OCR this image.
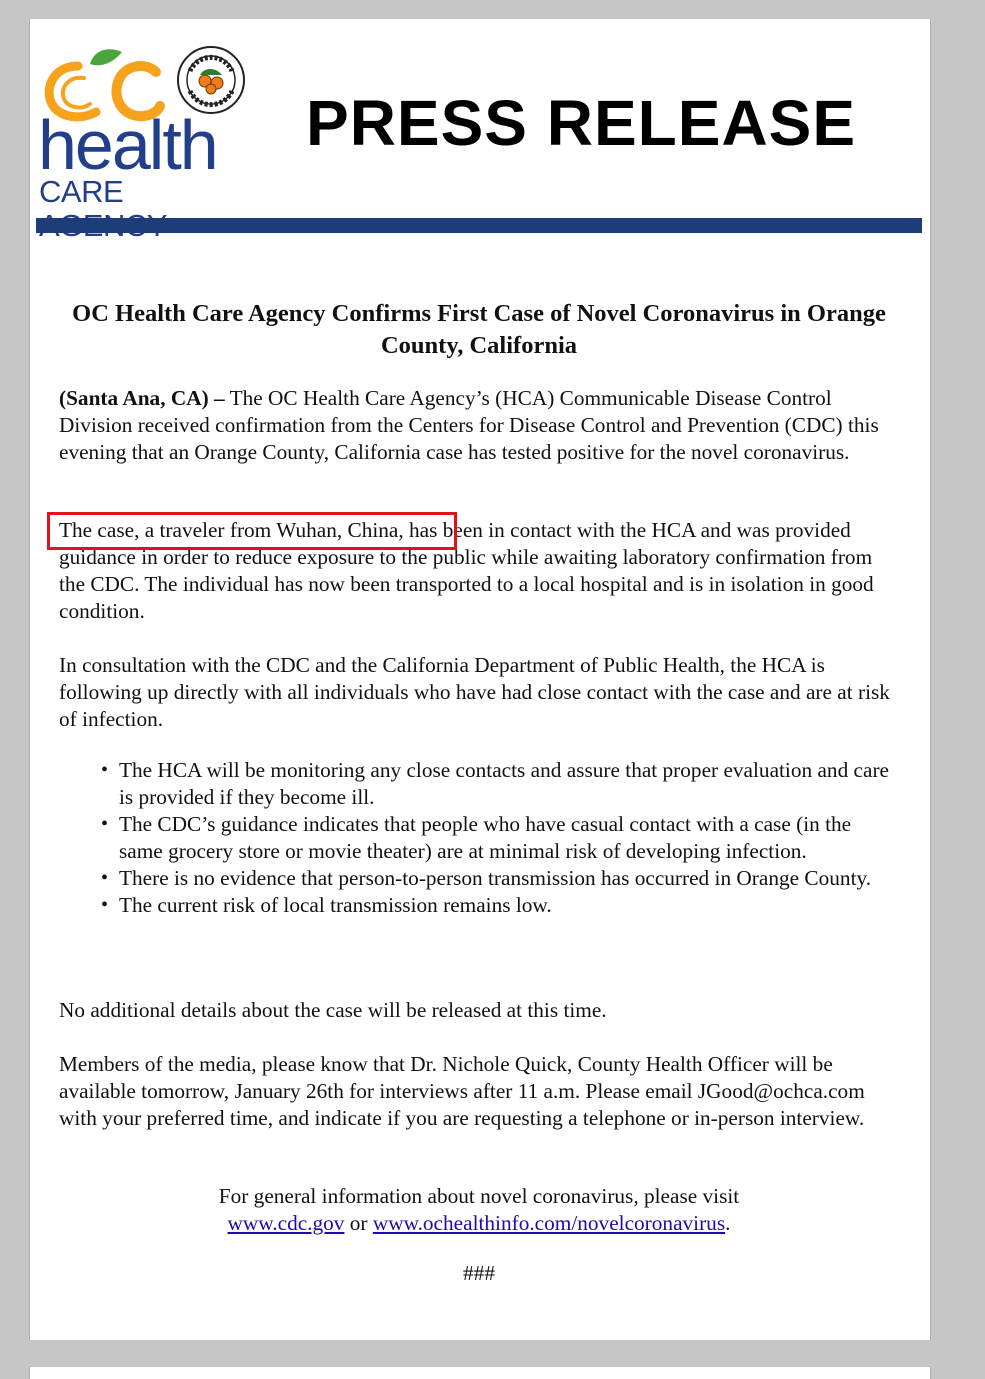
health
CARE
PRESS RELEASE
OC Health Care Agency Confirms First Case of Novel Coronavirus in Orange County, California

(Santa Ana, CA) – The OC Health Care Agency’s (HCA) Communicable Disease Control Division received confirmation from the Centers for Disease Control and Prevention (CDC) this evening that an Orange County, California case has tested positive for the novel coronavirus.

The case, a traveler from Wuhan, China, has been in contact with the HCA and was provided guidance in order to reduce exposure to the public while awaiting laboratory confirmation from the CDC. The individual has now been transported to a local hospital and is in isolation in good condition.

In consultation with the CDC and the California Department of Public Health, the HCA is following up directly with all individuals who have had close contact with the case and are at risk of infection.

• The HCA will be monitoring any close contacts and assure that proper evaluation and care is provided if they become ill.
• The CDC’s guidance indicates that people who have casual contact with a case (in the same grocery store or movie theater) are at minimal risk of developing infection.
• There is no evidence that person-to-person transmission has occurred in Orange County.
• The current risk of local transmission remains low.

No additional details about the case will be released at this time.

Members of the media, please know that Dr. Nichole Quick, County Health Officer will be available tomorrow, January 26th for interviews after 11 a.m. Please email JGood@ochca.com with your preferred time, and indicate if you are requesting a telephone or in-person interview.

For general information about novel coronavirus, please visit
www.cdc.gov or www.ochealthinfo.com/novelcoronavirus.
###
